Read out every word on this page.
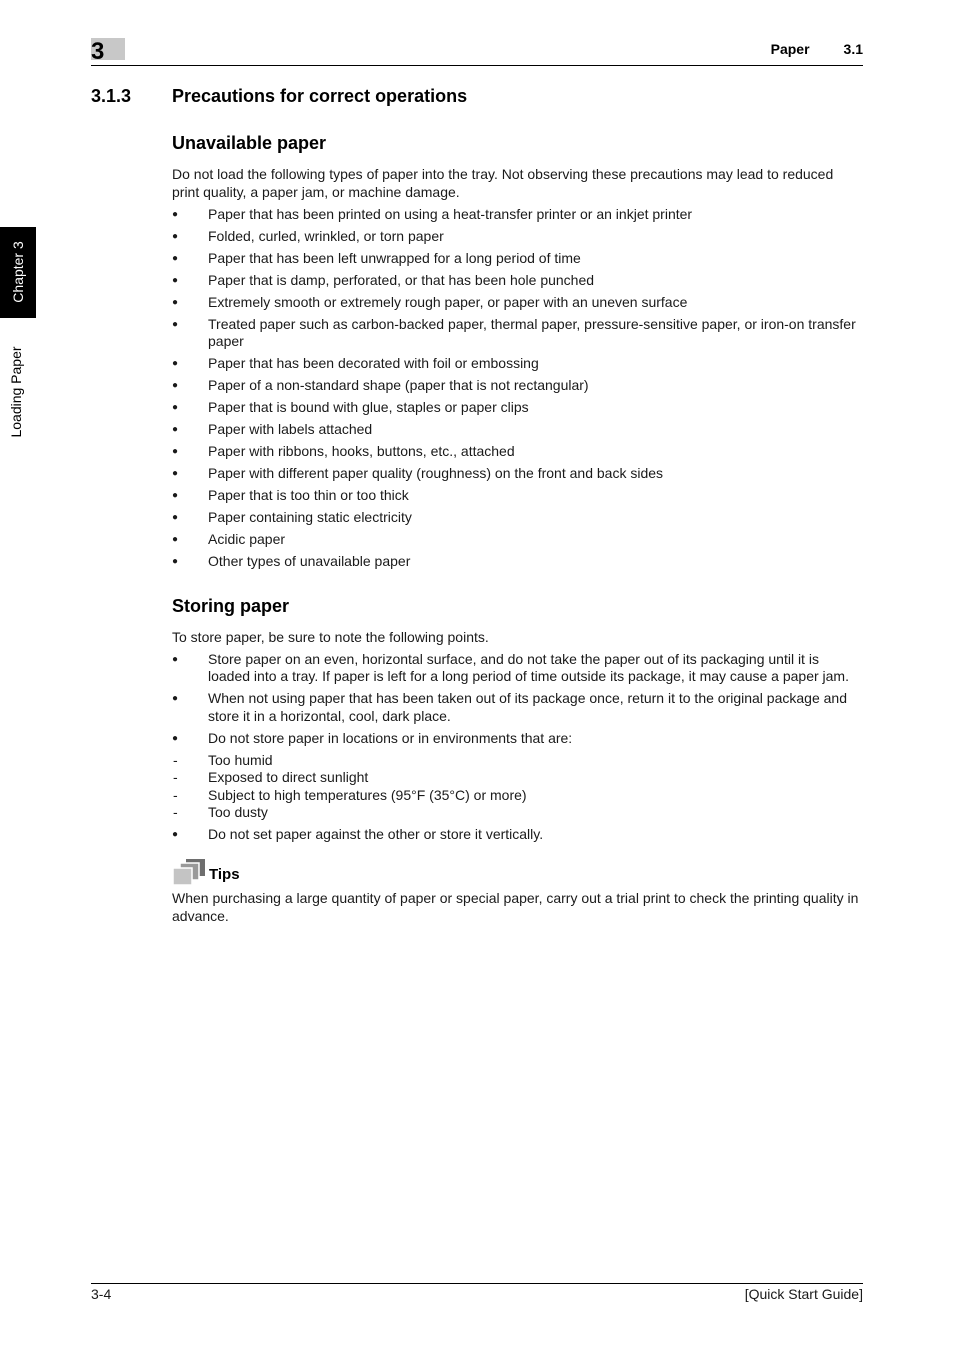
3	Paper 3.1
Chapter 3
Loading Paper
3.1.3 Precautions for correct operations
Unavailable paper

Do not load the following types of paper into the tray. Not observing these precautions may lead to reduced print quality, a paper jam, or machine damage.

● Paper that has been printed on using a heat-transfer printer or an inkjet printer
● Folded, curled, wrinkled, or torn paper
● Paper that has been left unwrapped for a long period of time
● Paper that is damp, perforated, or that has been hole punched
● Extremely smooth or extremely rough paper, or paper with an uneven surface
● Treated paper such as carbon-backed paper, thermal paper, pressure-sensitive paper, or iron-on transfer paper
● Paper that has been decorated with foil or embossing
● Paper of a non-standard shape (paper that is not rectangular)
● Paper that is bound with glue, staples or paper clips
● Paper with labels attached
● Paper with ribbons, hooks, buttons, etc., attached
● Paper with different paper quality (roughness) on the front and back sides
● Paper that is too thin or too thick
● Paper containing static electricity
● Acidic paper
● Other types of unavailable paper
Storing paper

To store paper, be sure to note the following points.

● Store paper on an even, horizontal surface, and do not take the paper out of its packaging until it is loaded into a tray. If paper is left for a long period of time outside its package, it may cause a paper jam.
● When not using paper that has been taken out of its package once, return it to the original package and store it in a horizontal, cool, dark place.
● Do not store paper in locations or in environments that are:
- Too humid
- Exposed to direct sunlight
- Subject to high temperatures (95°F (35°C) or more)
- Too dusty
● Do not set paper against the other or store it vertically.
Tips

When purchasing a large quantity of paper or special paper, carry out a trial print to check the printing quality in advance.

3-4	[Quick Start Guide]
